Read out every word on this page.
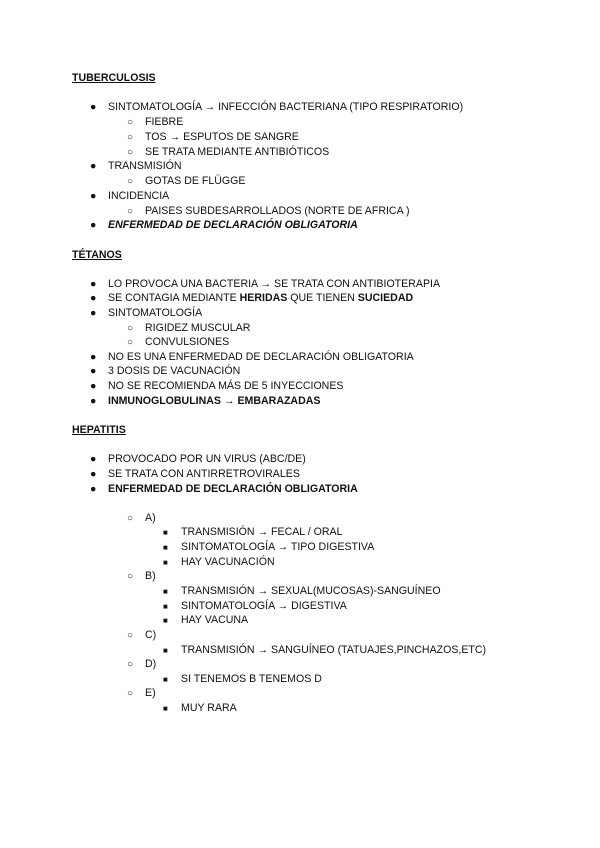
TUBERCULOSIS
●	SINTOMATOLOGÍA → INFECCIÓN BACTERIANA (TIPO RESPIRATORIO)
○	FIEBRE
○	TOS → ESPUTOS DE SANGRE
○	SE TRATA MEDIANTE ANTIBIÓTICOS
●	TRANSMISIÓN
○	GOTAS DE FLÜGGE
●	INCIDENCIA
○	PAISES SUBDESARROLLADOS (NORTE DE AFRICA )
●	ENFERMEDAD DE DECLARACIÓN OBLIGATORIA
TÉTANOS
●	LO PROVOCA UNA BACTERIA → SE TRATA CON ANTIBIOTERAPIA
●	SE CONTAGIA MEDIANTE HERIDAS QUE TIENEN SUCIEDAD
●	SINTOMATOLOGÍA
○	RIGIDEZ MUSCULAR
○	CONVULSIONES
●	NO ES UNA ENFERMEDAD DE DECLARACIÓN OBLIGATORIA
●	3 DOSIS DE VACUNACIÓN
●	NO SE RECOMIENDA MÁS DE 5 INYECCIONES
●	INMUNOGLOBULINAS → EMBARAZADAS
HEPATITIS
●	PROVOCADO POR UN VIRUS (ABC/DE)
●	SE TRATA CON ANTIRRETROVIRALES
●	ENFERMEDAD DE DECLARACIÓN OBLIGATORIA
○	A)
■	TRANSMISIÓN → FECAL / ORAL
■	SINTOMATOLOGÍA → TIPO DIGESTIVA
■	HAY VACUNACIÓN
○	B)
■	TRANSMISIÓN → SEXUAL(MUCOSAS)-SANGUÍNEO
■	SINTOMATOLOGÍA → DIGESTIVA
■	HAY VACUNA
○	C)
■	TRANSMISIÓN → SANGUÍNEO (TATUAJES,PINCHAZOS,ETC)
○	D)
■	SI TENEMOS B TENEMOS D
○	E)
■	MUY RARA
